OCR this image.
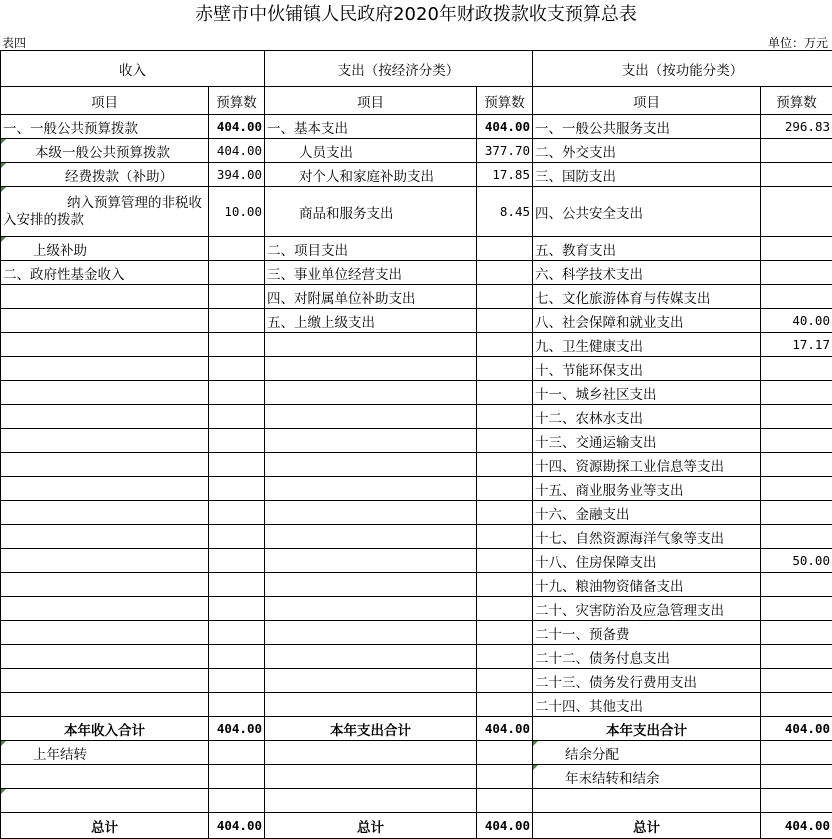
赤壁市中伙铺镇人民政府2020年财政拨款收支预算总表
表四	单位：万元
收入		支出（按经济分类）		支出（按功能分类）	
项目	预算数	项目	预算数	项目	预算数
一、一般公共预算拨款	404.00	一、基本支出	404.00	一、一般公共服务支出	296.83
本级一般公共预算拨款	404.00	人员支出	377.70	二、外交支出	
经费拨款（补助）	394.00	对个人和家庭补助支出	17.85	三、国防支出	
纳入预算管理的非税收入安排的拨款	10.00	商品和服务支出	8.45	四、公共安全支出	
上级补助		二、项目支出		五、教育支出	
二、政府性基金收入		三、事业单位经营支出		六、科学技术支出	
		四、对附属单位补助支出		七、文化旅游体育与传媒支出	
		五、上缴上级支出		八、社会保障和就业支出	40.00
				九、卫生健康支出	17.17
				十、节能环保支出	
				十一、城乡社区支出	
				十二、农林水支出	
				十三、交通运输支出	
				十四、资源勘探工业信息等支出	
				十五、商业服务业等支出	
				十六、金融支出	
				十七、自然资源海洋气象等支出	
				十八、住房保障支出	50.00
				十九、粮油物资储备支出	
				二十、灾害防治及应急管理支出	
				二十一、预备费	
				二十二、债务付息支出	
				二十三、债务发行费用支出	
				二十四、其他支出	
本年收入合计	404.00	本年支出合计	404.00	本年支出合计	404.00
上年结转				结余分配	
				年末结转和结余	

总计	404.00	总计	404.00	总计	404.00
